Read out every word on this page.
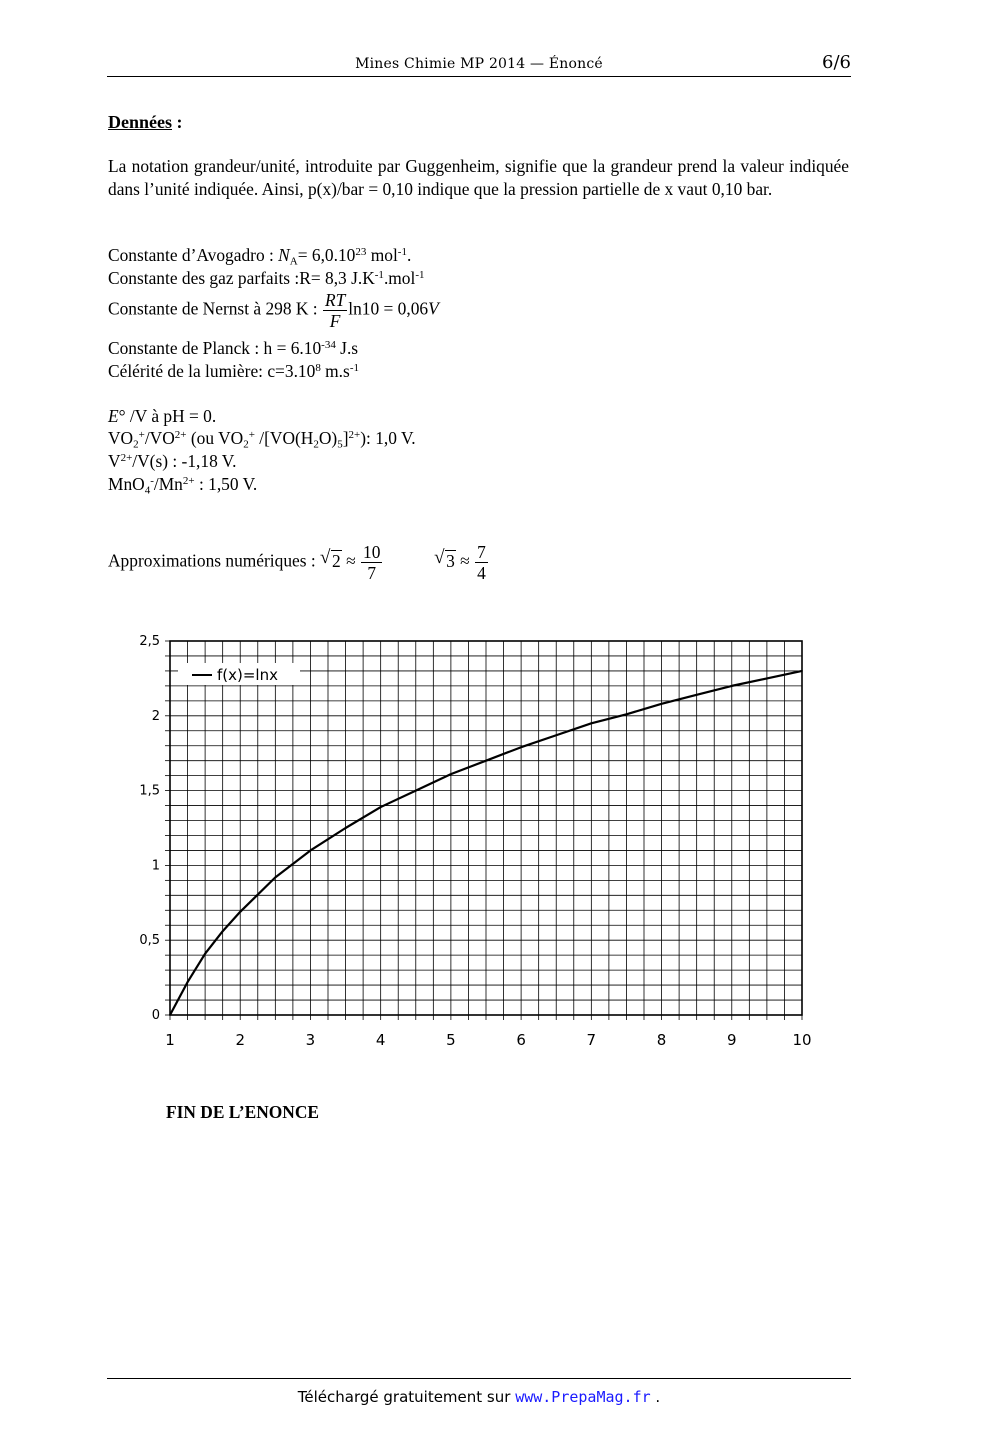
Mines Chimie MP 2014 — Énoncé	6/6
Dennées :
La notation grandeur/unité, introduite par Guggenheim, signifie que la grandeur prend la valeur indiquée dans l’unité indiquée. Ainsi, p(x)/bar = 0,10 indique que la pression partielle de x vaut 0,10 bar.
Constante d’Avogadro : $N_A= 6,0.10^{23}$ mol$^{-1}$.
Constante des gaz parfaits :R= 8,3 $J.K^{-1}.mol^{-1}$
Constante de Nernst à 298 K : $\frac{RT}{F} \ln 10 = 0,06V$
Constante de Planck : $h = 6.10^{-34}$ J.s
Célérité de la lumière: $c=3.10^8$ $m.s^{-1}$
E° /V à pH = 0.
$VO_2^+/VO^{2+}$ (ou $VO_2^+$ $/[VO(H_2O)_5]^{2+}$): 1,0 V.
$V^{2+}/V(s)$ : -1,18 V.
$MnO_4^-/Mn^{2+}$ : 1,50 V.
Approximations numériques : √ $2 \approx \frac{10}{7}$
	√ $3 \approx \frac{7}{4}$
1	2	3	4	5	6	7	8	9	10
0
0,5
1
1,5
2
2,5
f(x)=lnx
FIN DE L’ENONCE
Téléchargé gratuitement sur www.PrepaMag.fr .
